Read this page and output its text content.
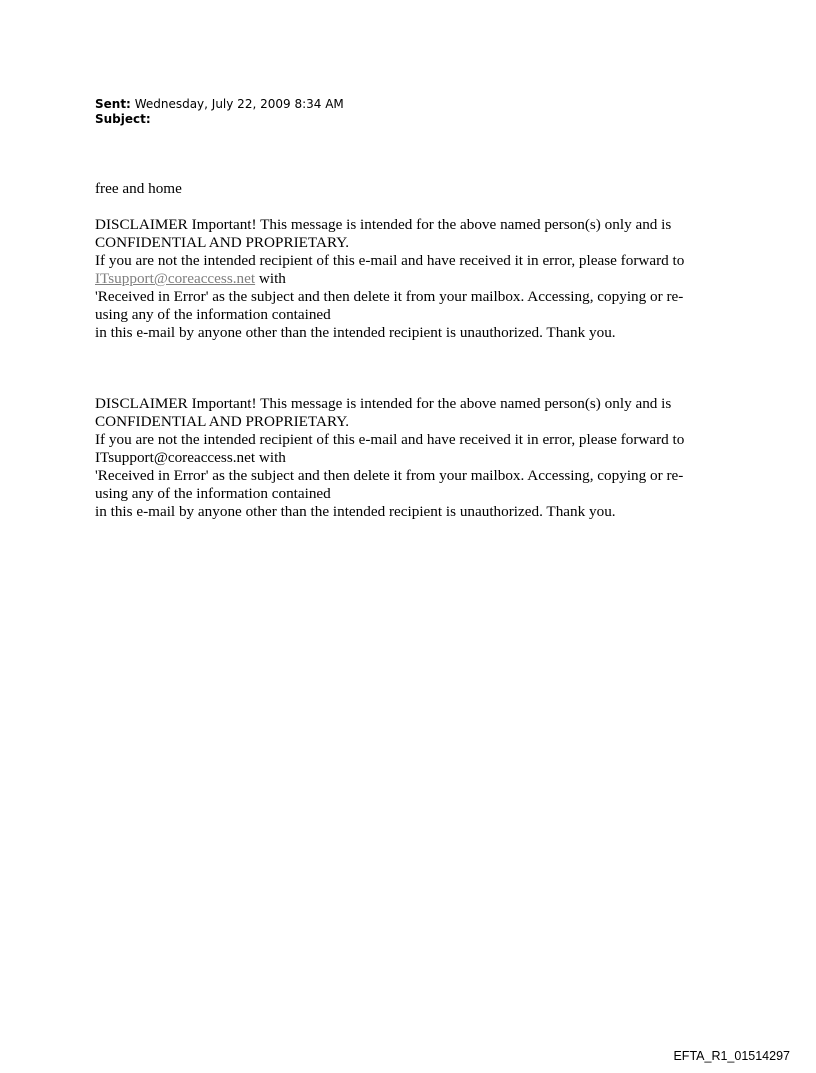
Sent: Wednesday, July 22, 2009 8:34 AM
Subject:

free and home

DISCLAIMER Important! This message is intended for the above named person(s) only and is

CONFIDENTIAL AND PROPRIETARY.

If you are not the intended recipient of this e-mail and have received it in error, please forward to

ITsupport@coreaccess.net with

'Received in Error' as the subject and then delete it from your mailbox. Accessing, copying or re-

using any of the information contained

in this e-mail by anyone other than the intended recipient is unauthorized. Thank you.

DISCLAIMER Important! This message is intended for the above named person(s) only and is

CONFIDENTIAL AND PROPRIETARY.

If you are not the intended recipient of this e-mail and have received it in error, please forward to

ITsupport@coreaccess.net with

'Received in Error' as the subject and then delete it from your mailbox. Accessing, copying or re-

using any of the information contained

in this e-mail by anyone other than the intended recipient is unauthorized. Thank you.

EFTA_R1_01514297
